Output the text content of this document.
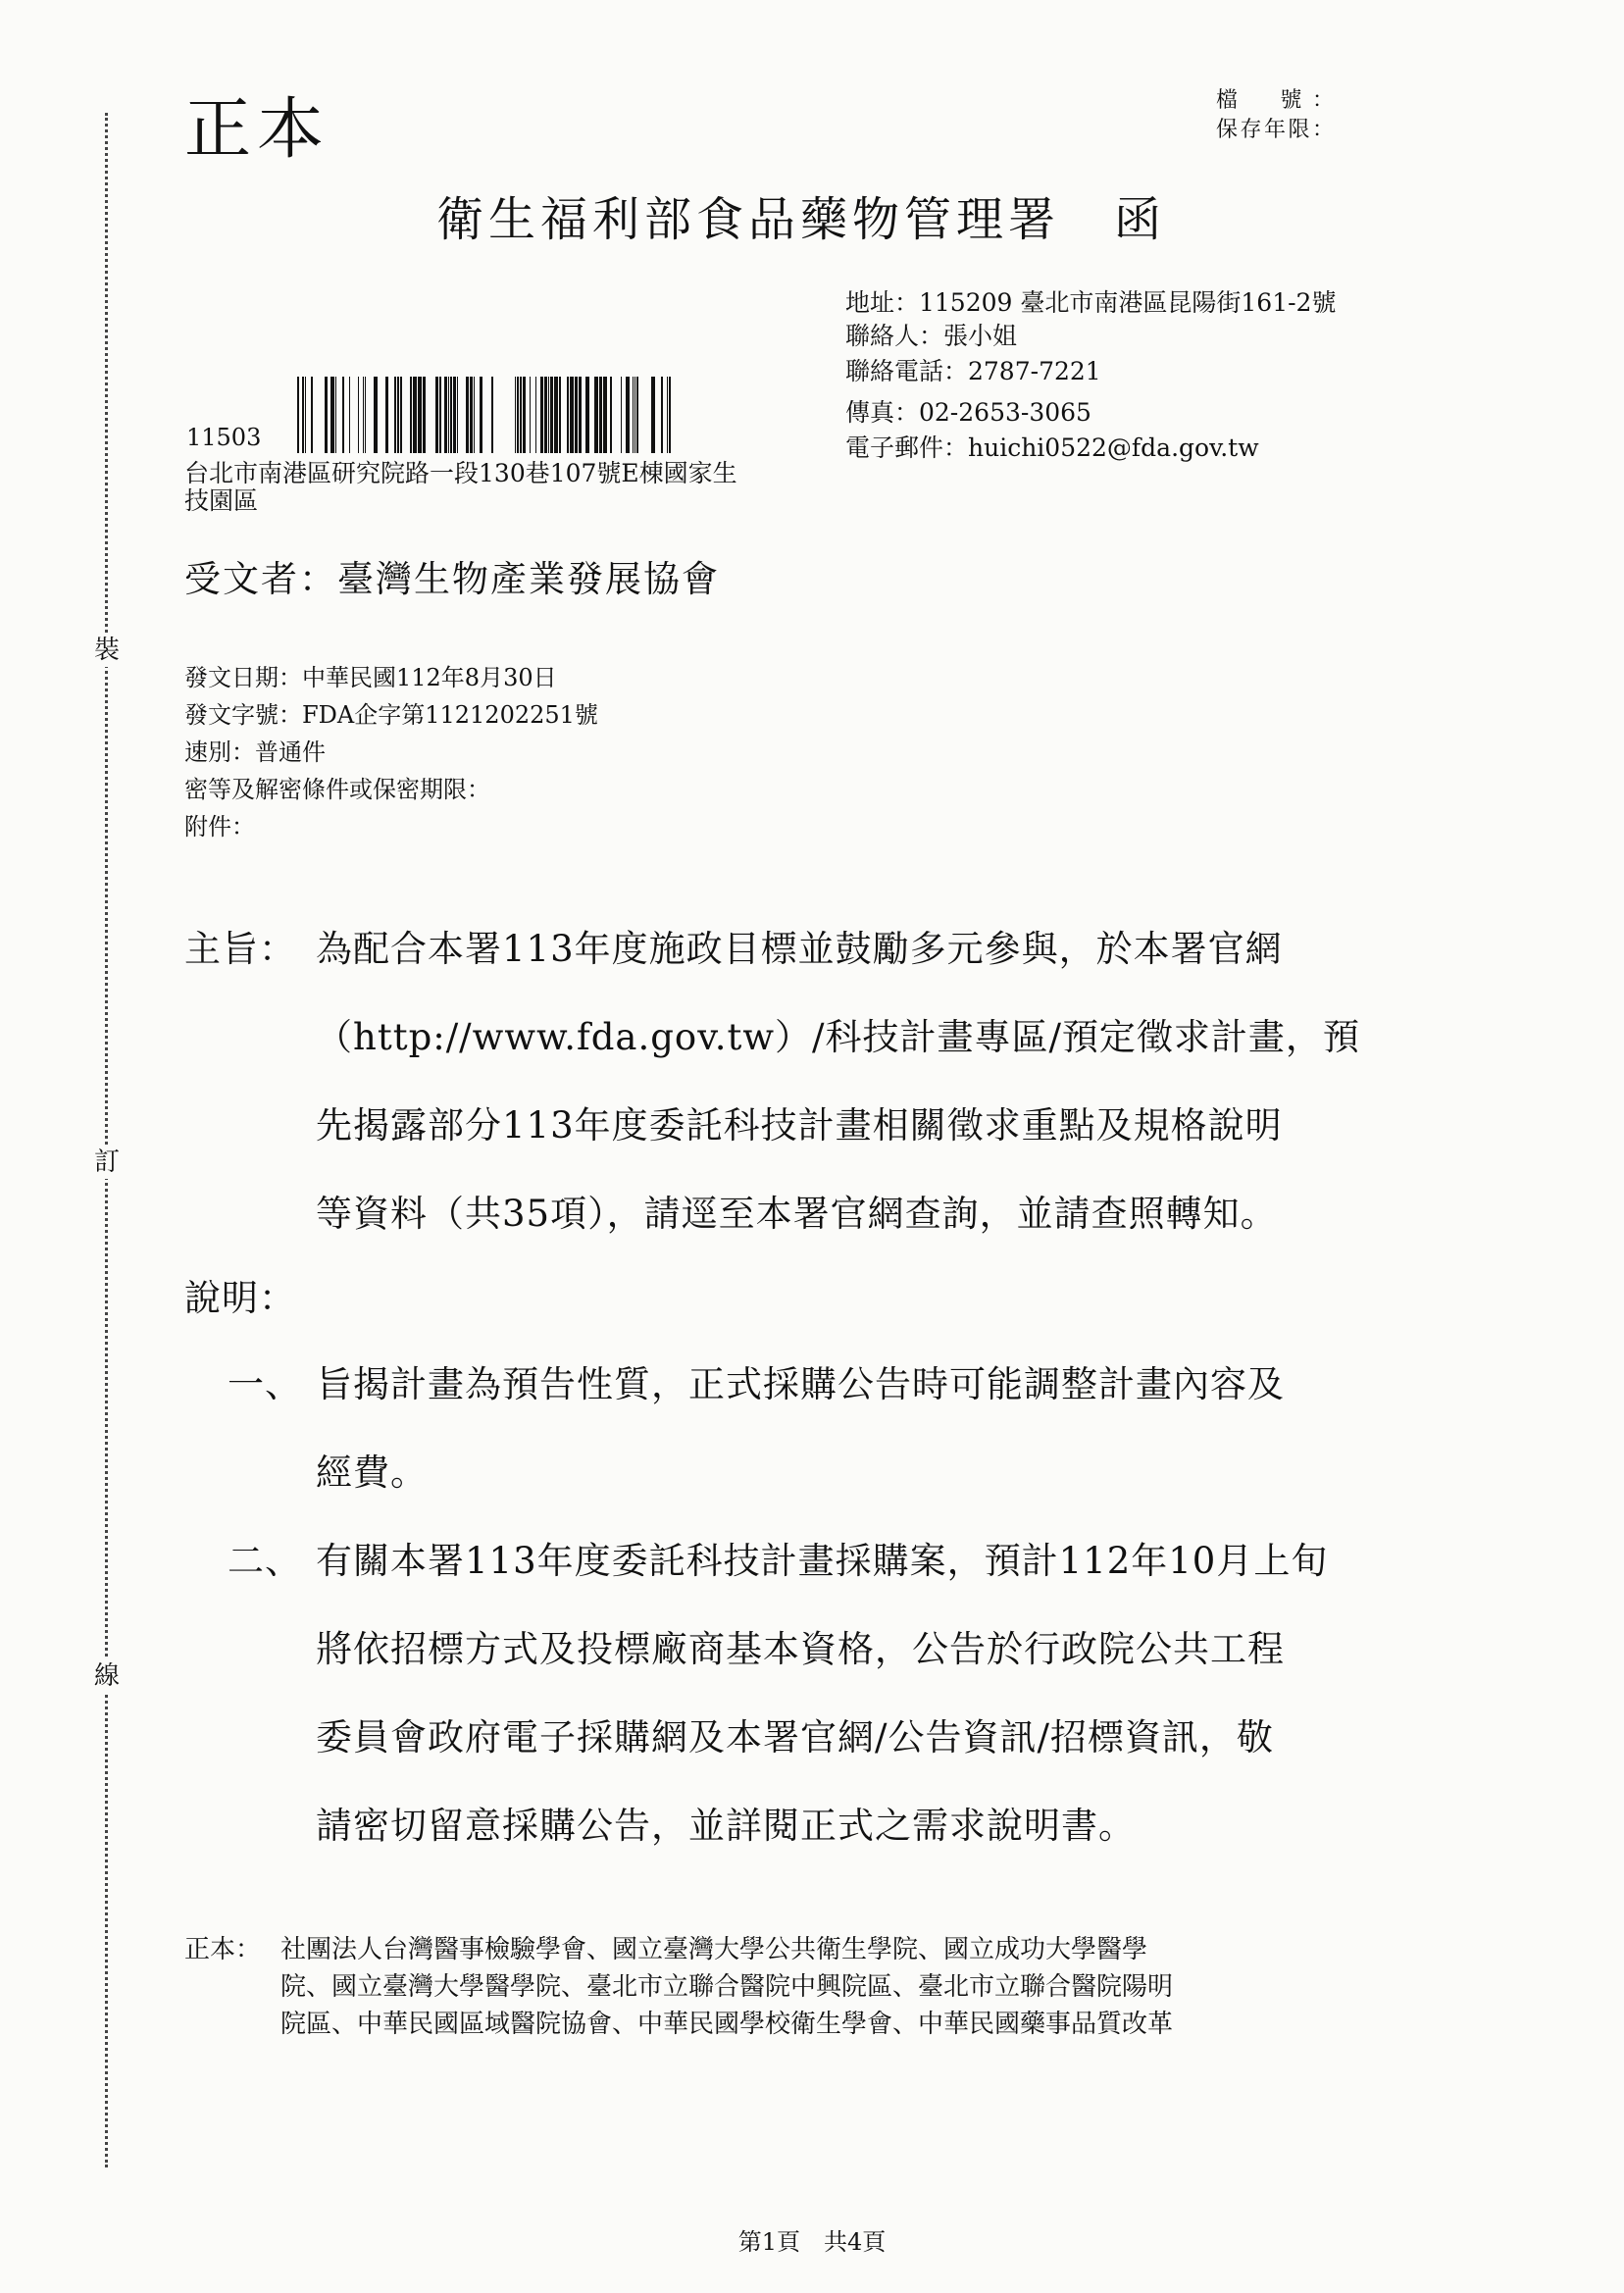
裝
訂
線
正本	檔　號：
保存年限：
衛生福利部食品藥物管理署 函
地址：115209 臺北市南港區昆陽街161-2號
聯絡人：張小姐
聯絡電話：2787-7221
傳真：02-2653-3065
電子郵件：huichi0522@fda.gov.tw
11503
台北市南港區研究院路一段130巷107號E棟國家生
技園區
受文者：臺灣生物產業發展協會
發文日期：中華民國112年8月30日
發文字號：FDA企字第1121202251號
速別：普通件
密等及解密條件或保密期限：
附件：
主旨： 為配合本署113年度施政目標並鼓勵多元參與，於本署官網
（http://www.fda.gov.tw）/科技計畫專區/預定徵求計畫，預
先揭露部分113年度委託科技計畫相關徵求重點及規格說明
等資料（共35項），請逕至本署官網查詢，並請查照轉知。
說明：
一、 旨揭計畫為預告性質，正式採購公告時可能調整計畫內容及
經費。
二、 有關本署113年度委託科技計畫採購案，預計112年10月上旬
將依招標方式及投標廠商基本資格，公告於行政院公共工程
委員會政府電子採購網及本署官網/公告資訊/招標資訊，敬
請密切留意採購公告，並詳閱正式之需求說明書。
正本： 社團法人台灣醫事檢驗學會、國立臺灣大學公共衛生學院、國立成功大學醫學
院、國立臺灣大學醫學院、臺北市立聯合醫院中興院區、臺北市立聯合醫院陽明
院區、中華民國區域醫院協會、中華民國學校衛生學會、中華民國藥事品質改革
第1頁　共4頁
